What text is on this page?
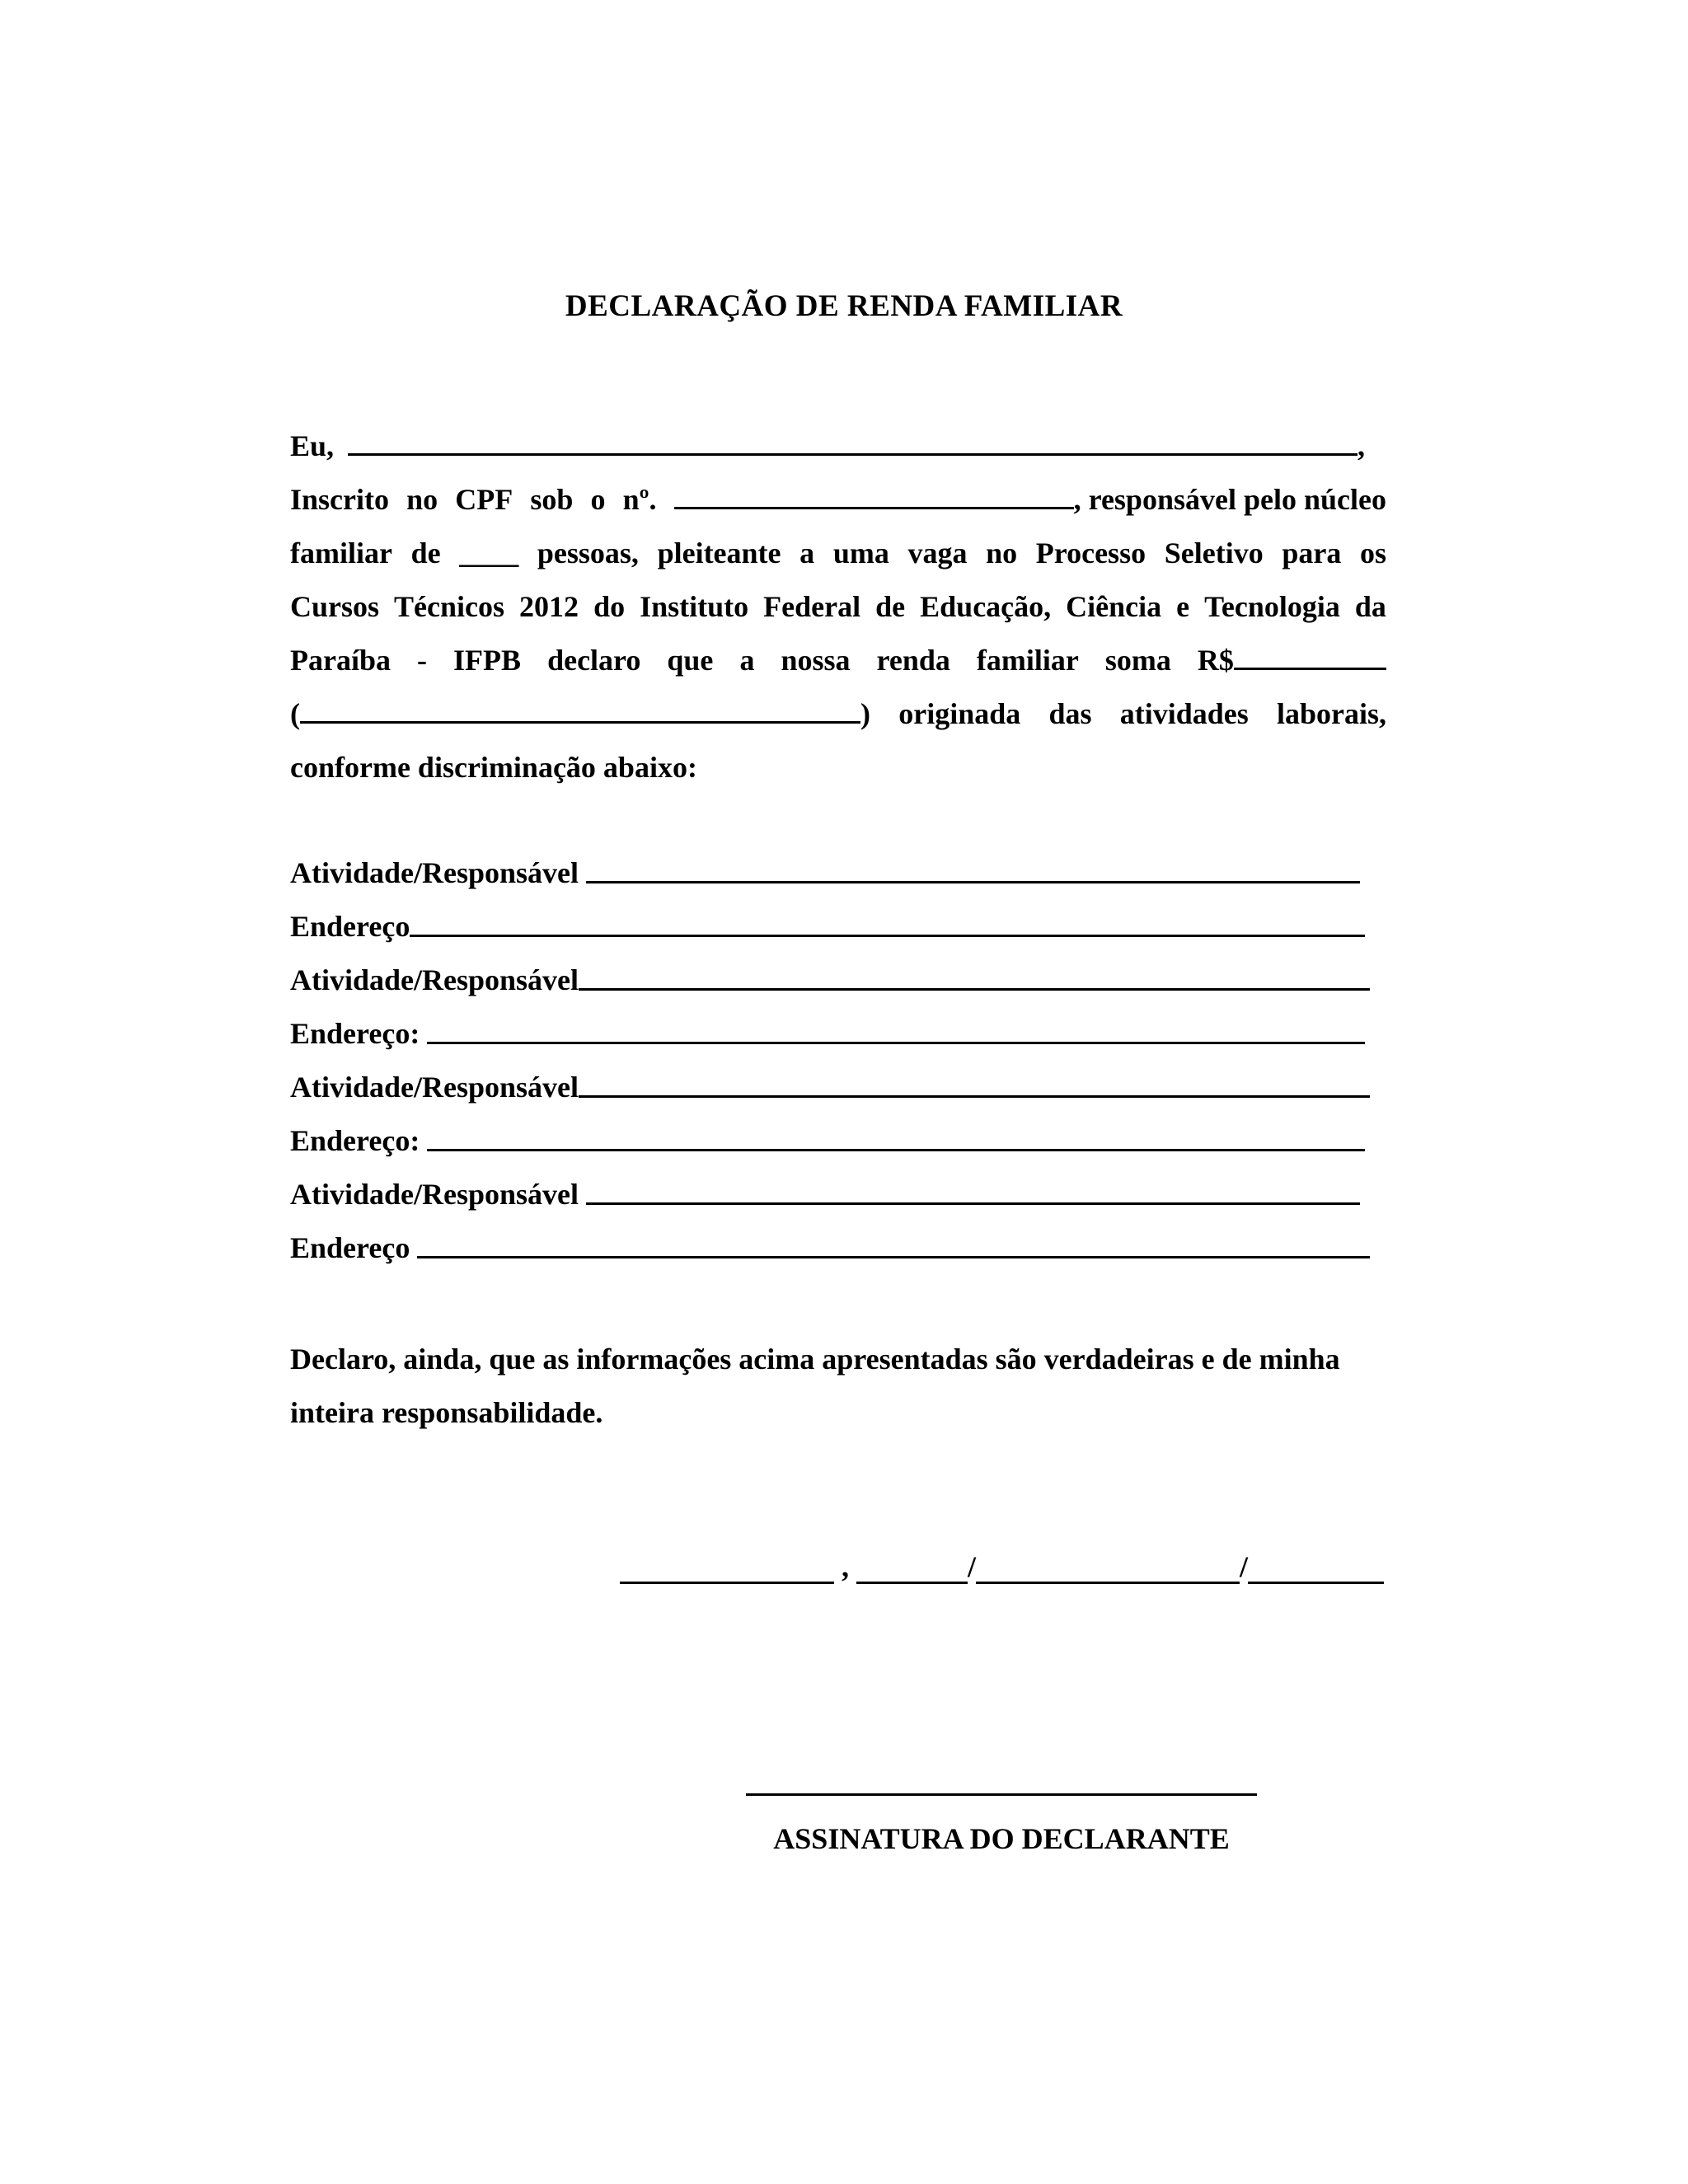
DECLARAÇÃO DE RENDA FAMILIAR
Eu,	,
Inscrito no CPF sob o nº.	, responsável pelo núcleo
familiar de ____ pessoas, pleiteante a uma vaga no Processo Seletivo para os
Cursos Técnicos 2012 do Instituto Federal de Educação, Ciência e Tecnologia da
Paraíba - IFPB declaro que a nossa renda familiar soma R$
(	) originada das atividades laborais,
conforme discriminação abaixo:
Atividade/Responsável
Endereço
Atividade/Responsável
Endereço:
Atividade/Responsável
Endereço:
Atividade/Responsável
Endereço
Declaro, ainda, que as informações acima apresentadas são verdadeiras e de minha inteira responsabilidade.
,	/	/
ASSINATURA DO DECLARANTE
